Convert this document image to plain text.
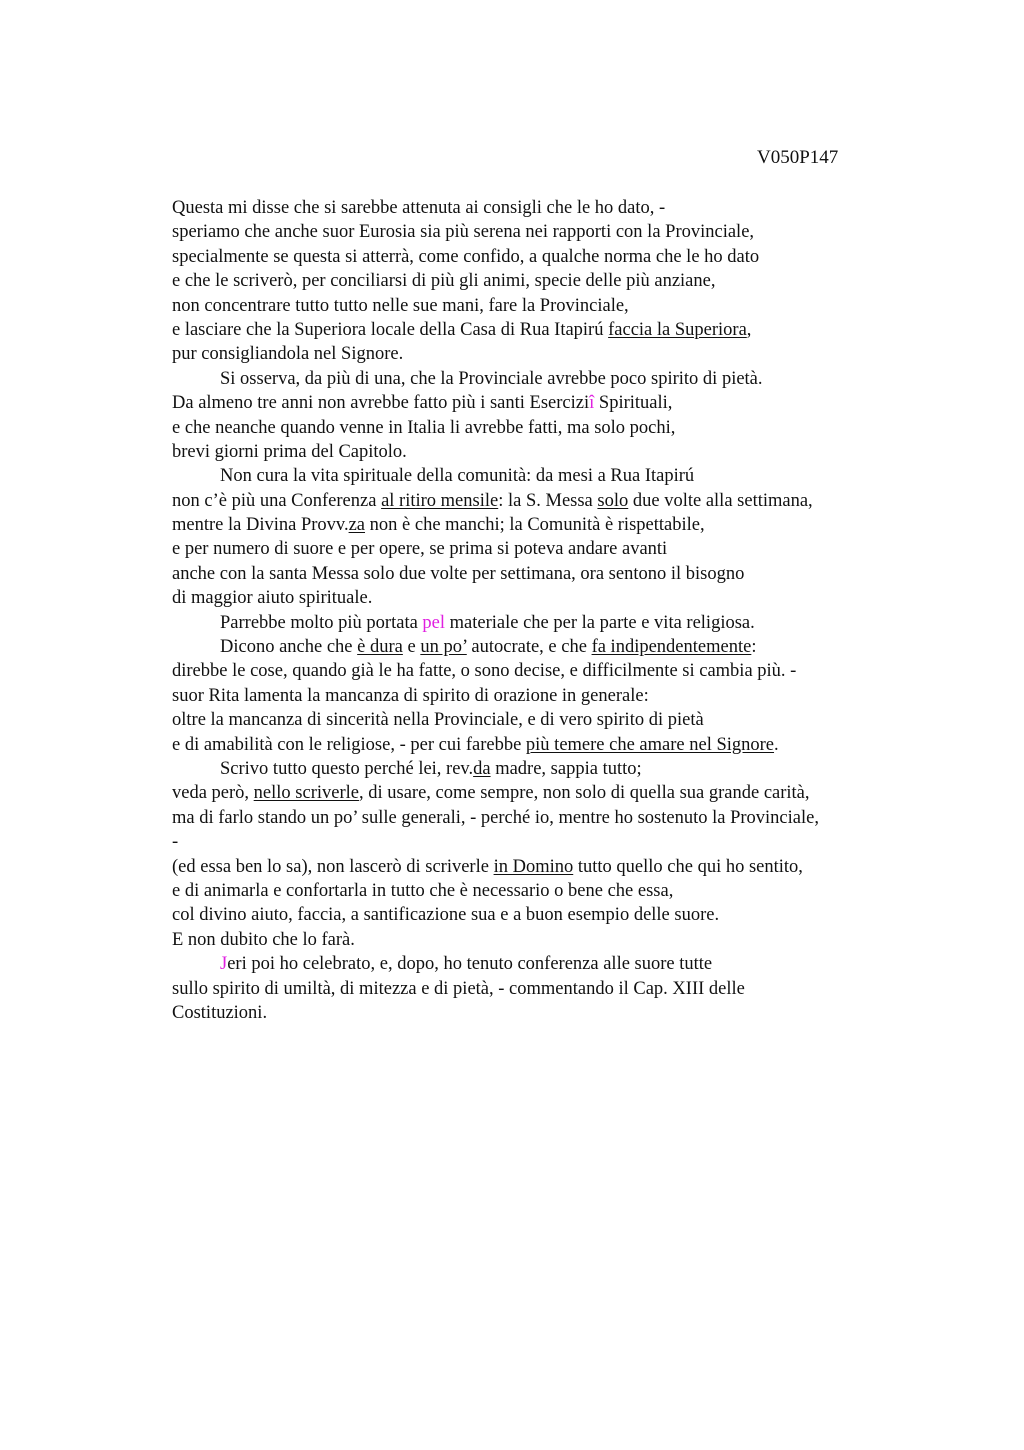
V050P147
Questa mi disse che si sarebbe attenuta ai consigli che le ho dato, -
speriamo che anche suor Eurosia sia più serena nei rapporti con la Provinciale,
specialmente se questa si atterrà, come confido, a qualche norma che le ho dato
e che le scriverò, per conciliarsi di più gli animi, specie delle più anziane,
non concentrare tutto tutto nelle sue mani, fare la Provinciale,
e lasciare che la Superiora locale della Casa di Rua Itapirú faccia la Superiora,
pur consigliandola nel Signore.
Si osserva, da più di una, che la Provinciale avrebbe poco spirito di pietà.
Da almeno tre anni non avrebbe fatto più i santi Eserciziî Spirituali,
e che neanche quando venne in Italia li avrebbe fatti, ma solo pochi,
brevi giorni prima del Capitolo.
Non cura la vita spirituale della comunità: da mesi a Rua Itapirú
non c’è più una Conferenza al ritiro mensile: la S. Messa solo due volte alla settimana,
mentre la Divina Provv.za non è che manchi; la Comunità è rispettabile,
e per numero di suore e per opere, se prima si poteva andare avanti
anche con la santa Messa solo due volte per settimana, ora sentono il bisogno
di maggior aiuto spirituale.
Parrebbe molto più portata pel materiale che per la parte e vita religiosa.
Dicono anche che è dura e un po’ autocrate, e che fa indipendentemente:
direbbe le cose, quando già le ha fatte, o sono decise, e difficilmente si cambia più. -
suor Rita lamenta la mancanza di spirito di orazione in generale:
oltre la mancanza di sincerità nella Provinciale, e di vero spirito di pietà
e di amabilità con le religiose, - per cui farebbe più temere che amare nel Signore.
Scrivo tutto questo perché lei, rev.da madre, sappia tutto;
veda però, nello scriverle, di usare, come sempre, non solo di quella sua grande carità,
ma di farlo stando un po’ sulle generali, - perché io, mentre ho sostenuto la Provinciale,
-
(ed essa ben lo sa), non lascerò di scriverle in Domino tutto quello che qui ho sentito,
e di animarla e confortarla in tutto che è necessario o bene che essa,
col divino aiuto, faccia, a santificazione sua e a buon esempio delle suore.
E non dubito che lo farà.
Jeri poi ho celebrato, e, dopo, ho tenuto conferenza alle suore tutte
sullo spirito di umiltà, di mitezza e di pietà, - commentando il Cap. XIII delle
Costituzioni.
